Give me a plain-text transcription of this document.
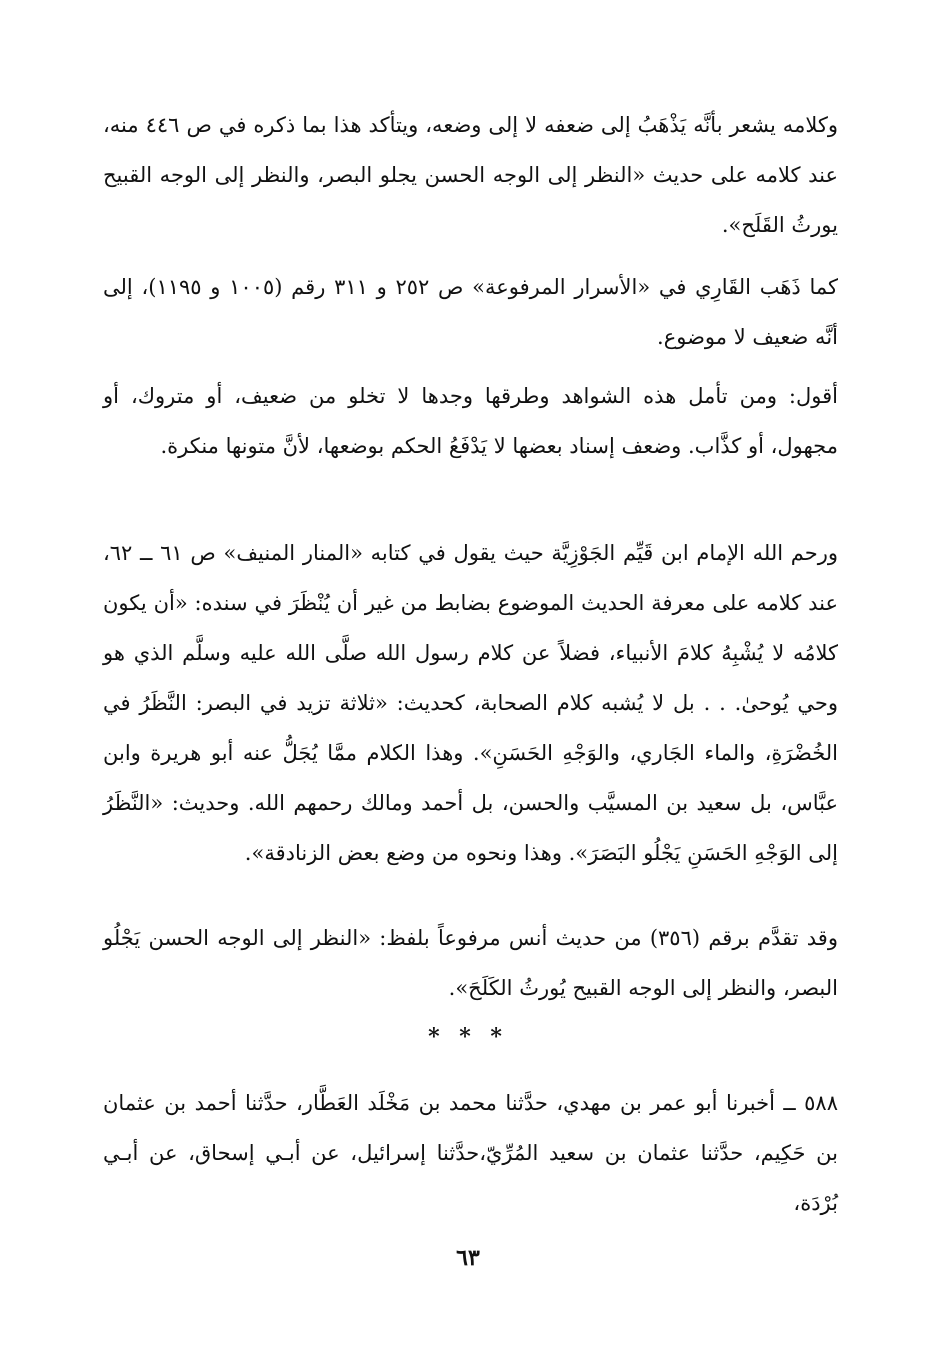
وكلامه يشعر بأنَّه يَذْهَبُ إلى ضعفه لا إلى وضعه، ويتأكد هذا بما ذكره في ص ٤٤٦ منه، عند كلامه على حديث «النظر إلى الوجه الحسن يجلو البصر، والنظر إلى الوجه القبيح يورثُ القَلَح».

كما ذَهَب القَارِي في «الأسرار المرفوعة» ص ٢٥٢ و ٣١١ رقم (١٠٠٥ و ١١٩٥)، إلى أنَّه ضعيف لا موضوع.

أقول: ومن تأمل هذه الشواهد وطرقها وجدها لا تخلو من ضعيف، أو متروك، أو مجهول، أو كذَّاب. وضعف إسناد بعضها لا يَدْفَعُ الحكم بوضعها، لأنَّ متونها منكرة.

ورحم الله الإمام ابن قَيِّم الجَوْزِيَّة حيث يقول في كتابه «المنار المنيف» ص ٦١ ــ ٦٢، عند كلامه على معرفة الحديث الموضوع بضابط من غير أن يُنْظَرَ في سنده: «أن يكون كلامُه لا يُشْبِهُ كلامَ الأنبياء، فضلاً عن كلام رسول الله صلَّى الله عليه وسلَّم الذي هو وحي يُوحىٰ. . . بل لا يُشبه كلام الصحابة، كحديث: «ثلاثة تزيد في البصر: النَّظَرُ في الخُضْرَةِ، والماء الجَاري، والوَجْهِ الحَسَنِ». وهذا الكلام ممَّا يُجَلُّ عنه أبو هريرة وابن عبَّاس، بل سعيد بن المسيَّب والحسن، بل أحمد ومالك رحمهم الله. وحديث: «النَّظَرُ إلى الوَجْهِ الحَسَنِ يَجْلُو البَصَرَ». وهذا ونحوه من وضع بعض الزنادقة».

وقد تقدَّم برقم (٣٥٦) من حديث أنس مرفوعاً بلفظ: «النظر إلى الوجه الحسن يَجْلُو البصر، والنظر إلى الوجه القبيح يُورثُ الكَلَحَ».

* * *

٥٨٨ ــ أخبرنا أبو عمر بن مهدي، حدَّثنا محمد بن مَخْلَد العَطَّار، حدَّثنا أحمد بن عثمان بن حَكِيم، حدَّثنا عثمان بن سعيد المُرِّيّ،حدَّثنا إسرائيل، عن أبـي إسحاق، عن أبـي بُرْدَة،

٦٣
